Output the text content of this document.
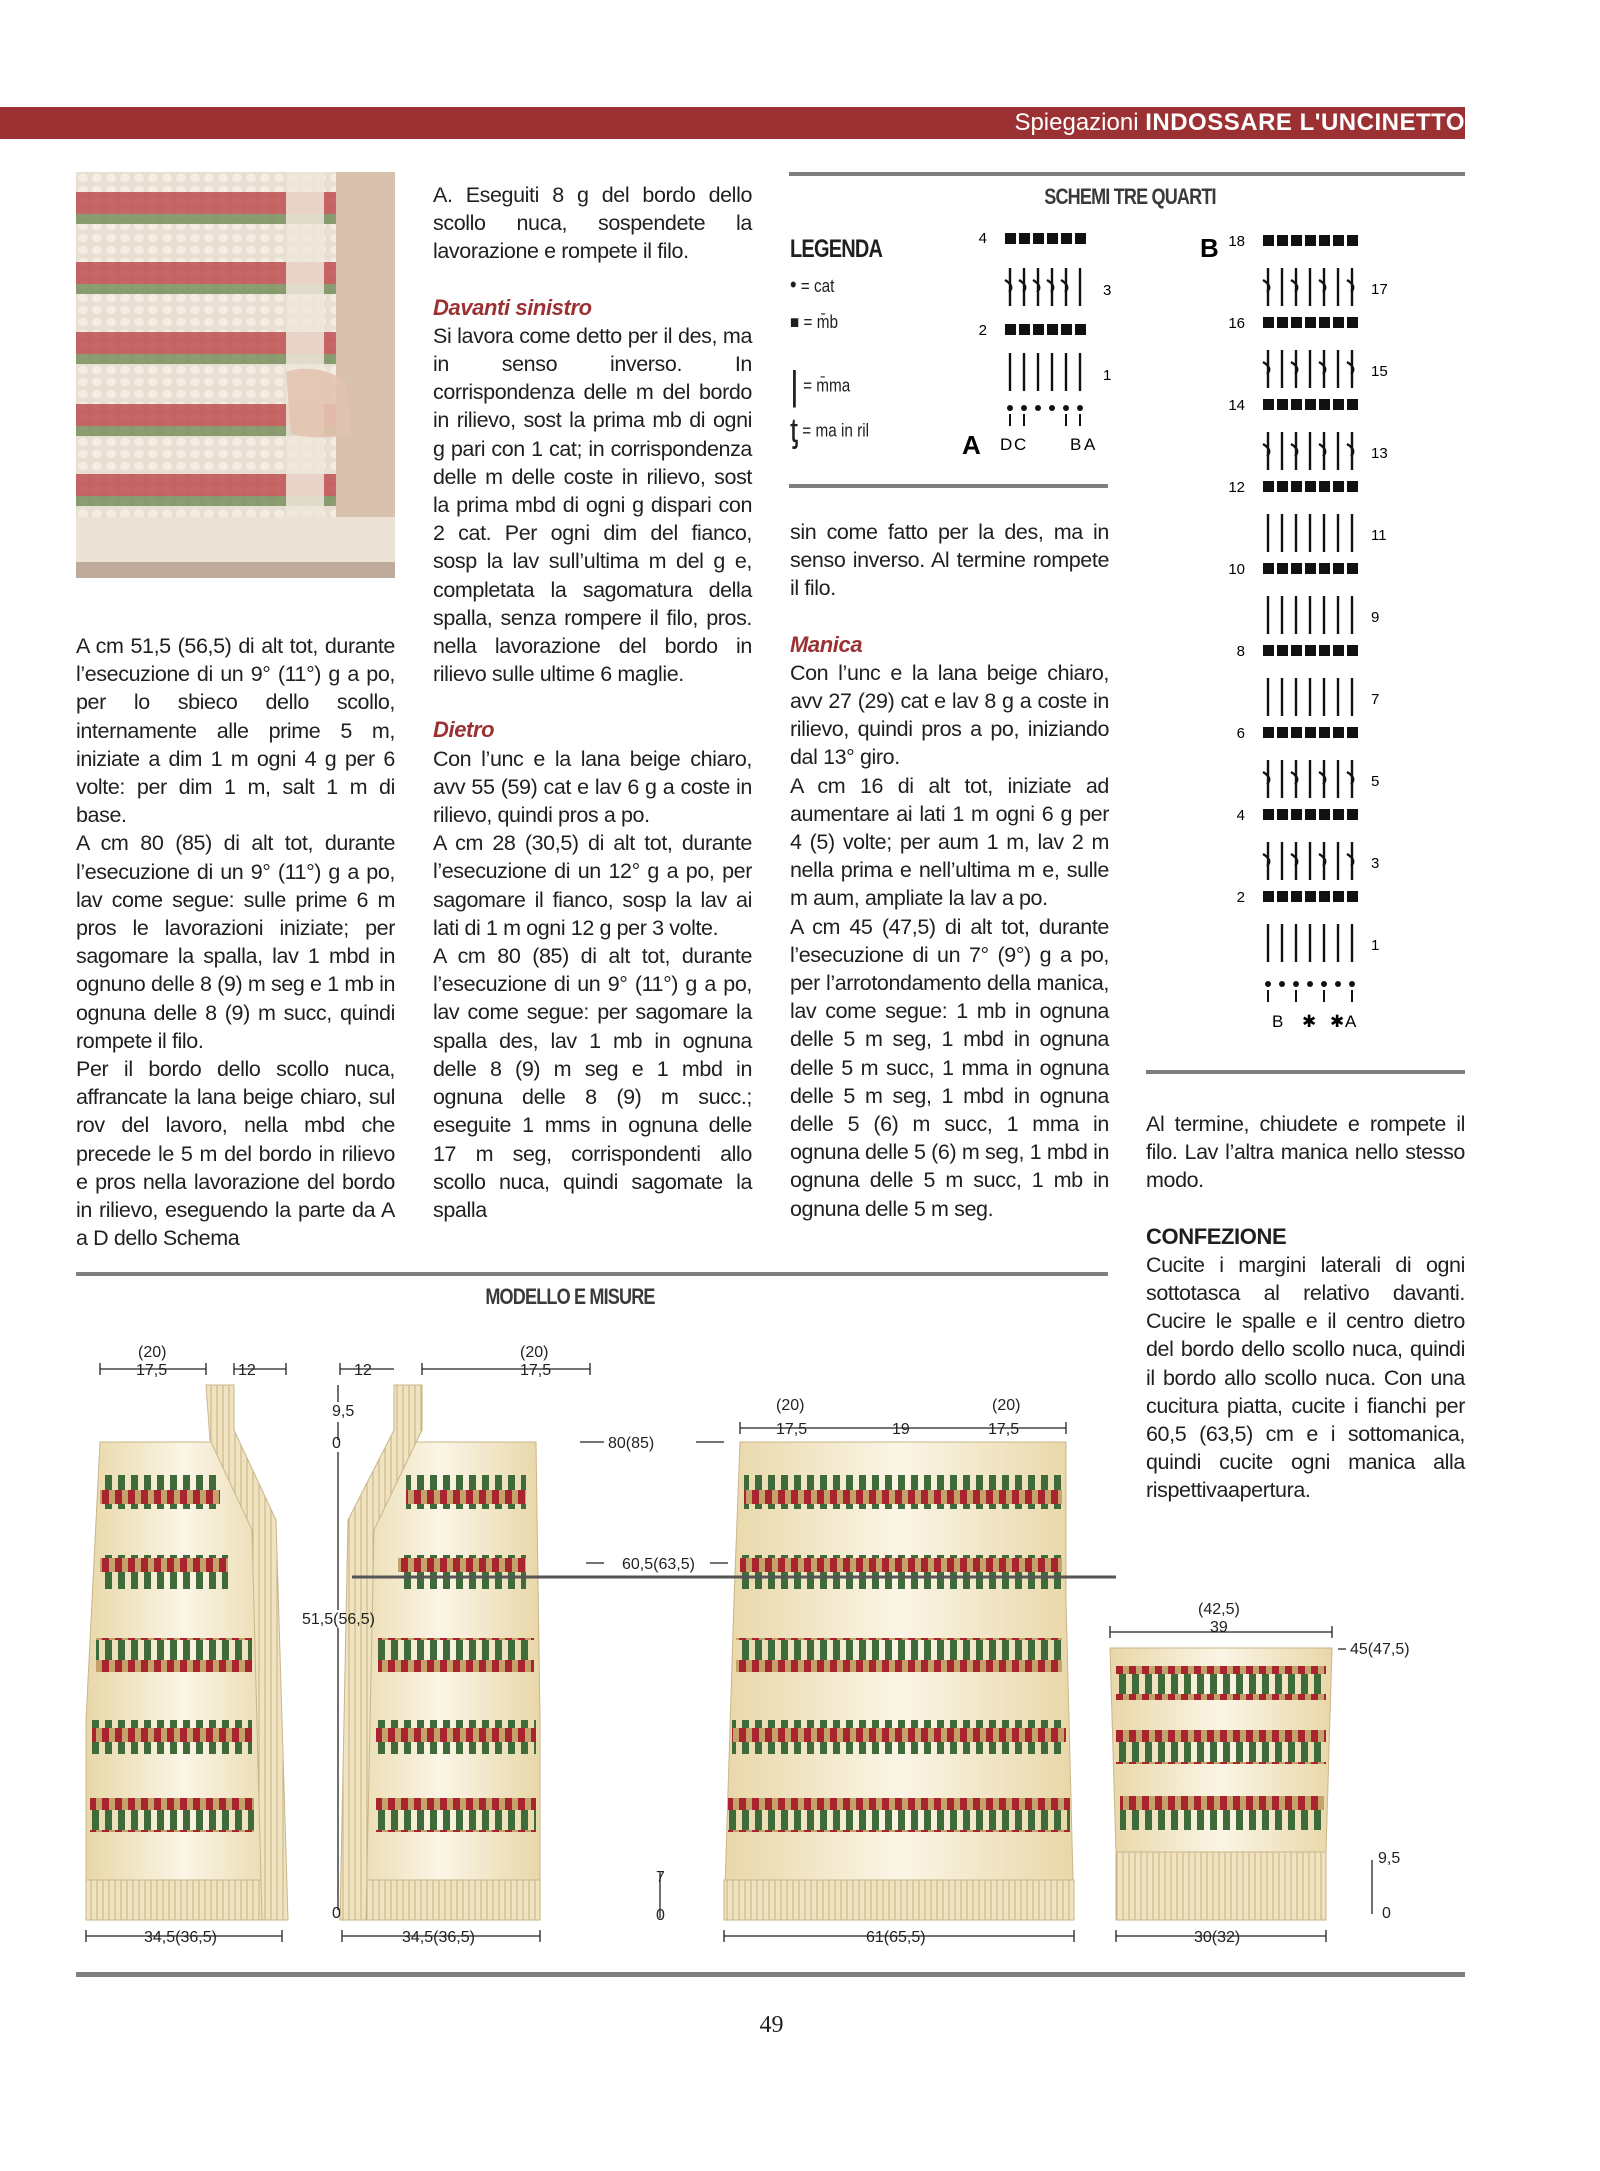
Spiegazioni INDOSSARE L'UNCINETTO

A cm 51,5 (56,5) di alt tot, durante l’esecuzione di un 9° (11°) g a po, per lo sbieco dello scollo, internamente alle prime 5 m, iniziate a dim 1 m ogni 4 g per 6 volte: per dim 1 m, salt 1 m di base.

A cm 80 (85) di alt tot, durante l’esecuzione di un 9° (11°) g a po, lav come segue: sulle prime 6 m pros le lavorazioni iniziate; per sagomare la spalla, lav 1 mbd in ognuno delle 8 (9) m seg e 1 mb in ognuna delle 8 (9) m succ, quindi rompete il filo.

Per il bordo dello scollo nuca, affrancate la lana beige chiaro, sul rov del lavoro, nella mbd che precede le 5 m del bordo in rilievo e pros nella lavorazione del bordo in rilievo, eseguendo la parte da A a D dello Schema

A. Eseguiti 8 g del bordo dello scollo nuca, sospendete la lavorazione e rompete il filo.

Davanti sinistro

Si lavora come detto per il des, ma in senso inverso. In corrispondenza delle m del bordo in rilievo, sost la prima mb di ogni g pari con 1 cat; in corrispondenza delle m delle coste in rilievo, sost la prima mbd di ogni g dispari con 2 cat. Per ogni dim del fianco, sosp la lav sull’ultima m del g e, completata la sagomatura della spalla, senza rompere il filo, pros. nella lavorazione del bordo in rilievo sulle ultime 6 maglie.

Dietro

Con l’unc e la lana beige chiaro, avv 55 (59) cat e lav 6 g a coste in rilievo, quindi pros a po.

A cm 28 (30,5) di alt tot, durante l’esecuzione di un 12° g a po, per sagomare il fianco, sosp la lav ai lati di 1 m ogni 12 g per 3 volte.

A cm 80 (85) di alt tot, durante l’esecuzione di un 9° (11°) g a po, lav come segue: per sagomare la spalla des, lav 1 mb in ognuna delle 8 (9) m seg e 1 mbd in ognuna delle 8 (9) m succ.; eseguite 1 mms in ognuna delle 17 m seg, corrispondenti allo scollo nuca, quindi sagomate la spalla

SCHEMI TRE QUARTI
LEGENDA
• = cat
■ = m̄b
| = m̄ma
ƫ = ma in ril
4
2
3
1
A D C	B A
B 18
17
16
15
14
13
12
11
10
9
8
7
6
5
4
3
2
1
B ✱ ✱ A

sin come fatto per la des, ma in senso inverso. Al termine rompete il filo.

Manica

Con l’unc e la lana beige chiaro, avv 27 (29) cat e lav 8 g a coste in rilievo, quindi pros a po, iniziando dal 13° giro.

A cm 16 di alt tot, iniziate ad aumentare ai lati 1 m ogni 6 g per 4 (5) volte; per aum 1 m, lav 2 m nella prima e nell’ultima m e, sulle m aum, ampliate la lav a po.

A cm 45 (47,5) di alt tot, durante l’esecuzione di un 7° (9°) g a po, per l’arrotondamento della manica, lav come segue: 1 mb in ognuna delle 5 m seg, 1 mbd in ognuna delle 5 m succ, 1 mma in ognuna delle 5 m seg, 1 mbd in ognuna delle 5 (6) m succ, 1 mma in ognuna delle 5 (6) m seg, 1 mbd in ognuna delle 5 m succ, 1 mb in ognuna delle 5 m seg.

Al termine, chiudete e rompete il filo. Lav l’altra manica nello stesso modo.

CONFEZIONE

Cucite i margini laterali di ogni sottotasca al relativo davanti. Cucire le spalle e il centro dietro del bordo dello scollo nuca, quindi il bordo allo scollo nuca. Con una cucitura piatta, cucite i fianchi per 60,5 (63,5) cm e i sottomanica, quindi cucite ogni manica alla rispettivaapertura.

MODELLO E MISURE
(20)
17,5	12
9,5
0
51,5(56,5)
0
34,5(36,5)
12
(20)
17,5
34,5(36,5)
80(85)
60,5(63,5)
7
0
(20)	(20)
17,5	19	17,5
61(65,5)
(42,5)
39
45(47,5)
9,5
0
30(32)
49
